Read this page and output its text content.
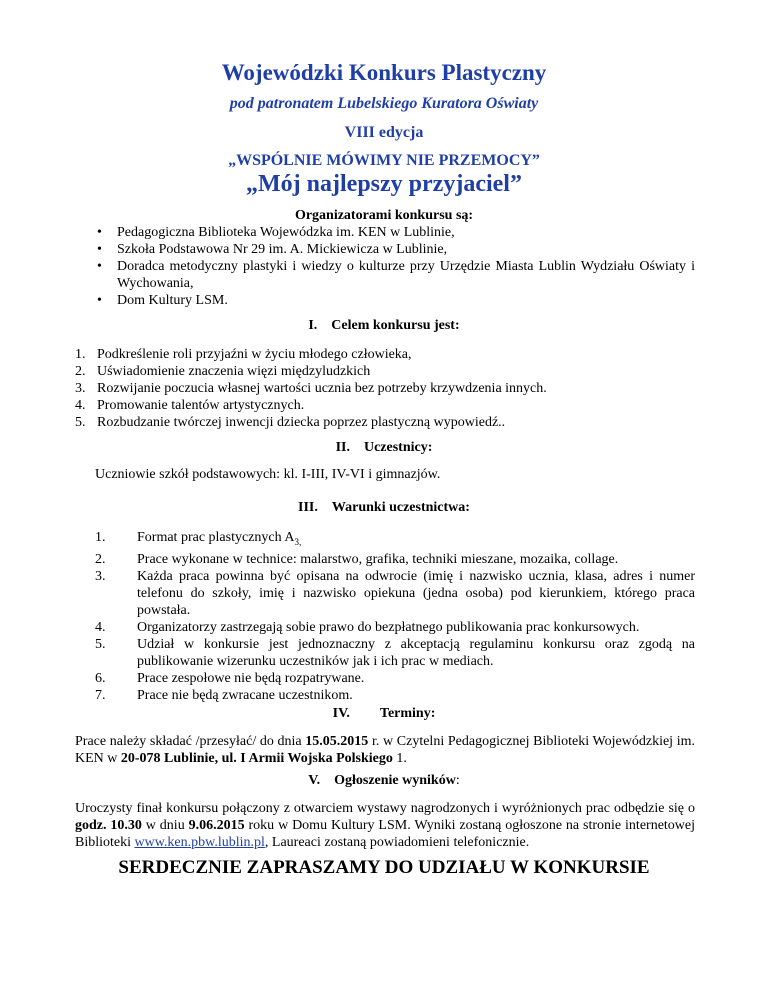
Wojewódzki Konkurs Plastyczny
pod patronatem Lubelskiego Kuratora Oświaty
VIII edycja
„WSPÓLNIE MÓWIMY NIE PRZEMOCY”
„Mój najlepszy przyjaciel”
Organizatorami konkursu są:
• Pedagogiczna Biblioteka Wojewódzka im. KEN w Lublinie,
• Szkoła Podstawowa Nr 29 im. A. Mickiewicza w Lublinie,
• Doradca metodyczny plastyki i wiedzy o kulturze przy Urzędzie Miasta Lublin Wydziału Oświaty i Wychowania,
• Dom Kultury LSM.
I. Celem konkursu jest:
1. Podkreślenie roli przyjaźni w życiu młodego człowieka,
2. Uświadomienie znaczenia więzi międzyludzkich
3. Rozwijanie poczucia własnej wartości ucznia bez potrzeby krzywdzenia innych.
4. Promowanie talentów artystycznych.
5. Rozbudzanie twórczej inwencji dziecka poprzez plastyczną wypowiedź..
II. Uczestnicy:
Uczniowie szkół podstawowych: kl. I-III, IV-VI i gimnazjów.
III. Warunki uczestnictwa:
1. Format prac plastycznych $A_{3,}$
2. Prace wykonane w technice: malarstwo, grafika, techniki mieszane, mozaika, collage.
3. Każda praca powinna być opisana na odwrocie (imię i nazwisko ucznia, klasa, adres i numer telefonu do szkoły, imię i nazwisko opiekuna (jedna osoba) pod kierunkiem, którego praca powstała.
4. Organizatorzy zastrzegają sobie prawo do bezpłatnego publikowania prac konkursowych.
5. Udział w konkursie jest jednoznaczny z akceptacją regulaminu konkursu oraz zgodą na publikowanie wizerunku uczestników jak i ich prac w mediach.
6. Prace zespołowe nie będą rozpatrywane.
7. Prace nie będą zwracane uczestnikom.
IV. Terminy:
Prace należy składać /przesyłać/ do dnia 15.05.2015 r. w Czytelni Pedagogicznej Biblioteki Wojewódzkiej im. KEN w 20-078 Lublinie, ul. I Armii Wojska Polskiego 1.
V. Ogłoszenie wyników:
Uroczysty finał konkursu połączony z otwarciem wystawy nagrodzonych i wyróżnionych prac odbędzie się o godz. 10.30 w dniu 9.06.2015 roku w Domu Kultury LSM. Wyniki zostaną ogłoszone na stronie internetowej Biblioteki www.ken.pbw.lublin.pl, Laureaci zostaną powiadomieni telefonicznie.
SERDECZNIE ZAPRASZAMY DO UDZIAŁU W KONKURSIE
